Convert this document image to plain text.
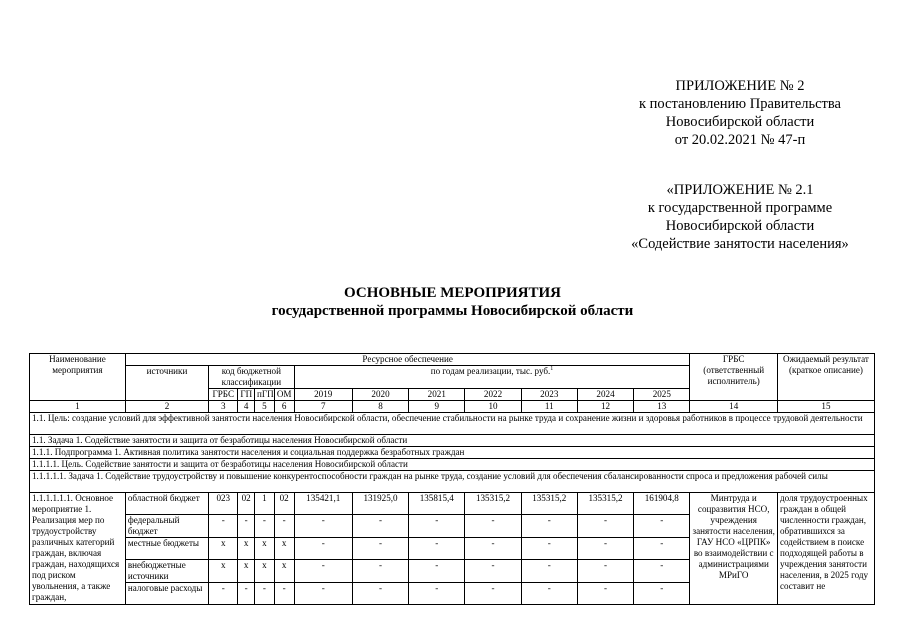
ПРИЛОЖЕНИЕ № 2
к постановлению Правительства
Новосибирской области
от 20.02.2021 № 47-п
«ПРИЛОЖЕНИЕ № 2.1
к государственной программе
Новосибирской области
«Содействие занятости населения»
ОСНОВНЫЕ МЕРОПРИЯТИЯ
государственной программы Новосибирской области
Наименование мероприятия	Ресурсное обеспечение												ГРБС (ответственный исполнитель)	Ожидаемый результат (краткое описание)
	источники	код бюджетной классификации				по годам реализации, тыс. руб.$^1$
		ГРБС	ГП	пГП	ОМ	2019	2020	2021	2022	2023	2024	2025		
1	2	3	4	5	6	7	8	9	10	11	12	13	14	15
1.1. Цель: создание условий для эффективной занятости населения Новосибирской области, обеспечение стабильности на рынке труда и сохранение жизни и здоровья работников в процессе трудовой деятельности														
1.1. Задача 1. Содействие занятости и защита от безработицы населения Новосибирской области														
1.1.1. Подпрограмма 1. Активная политика занятости населения и социальная поддержка безработных граждан														
1.1.1.1. Цель. Содействие занятости и защита от безработицы населения Новосибирской области														
1.1.1.1.1. Задача 1. Содействие трудоустройству и повышение конкурентоспособности граждан на рынке труда, создание условий для обеспечения сбалансированности спроса и предложения рабочей силы														
1.1.1.1.1.1. Основное мероприятие 1. Реализация мер по трудоустройству различных категорий граждан, включая граждан, находящихся под риском увольнения, а также граждан,	областной бюджет	023	02	1	02	135421,1	131925,0	135815,4	135315,2	135315,2	135315,2	161904,8	Минтруда и соцразвития НСО, учреждения занятости населения, ГАУ НСО «ЦРПК» во взаимодействии с администрациями МРиГО	доля трудоустроенных граждан в общей численности граждан, обратившихся за содействием в поиске подходящей работы в учреждения занятости населения, в 2025 году составит не
	федеральный бюджет	-	-	-	-	-	-	-	-	-	-	-		
	местные бюджеты	х	х	х	х	-	-	-	-	-	-	-		
	внебюджетные источники	х	х	х	х	-	-	-	-	-	-	-		
	налоговые расходы	-	-	-	-	-	-	-	-	-	-	-		
